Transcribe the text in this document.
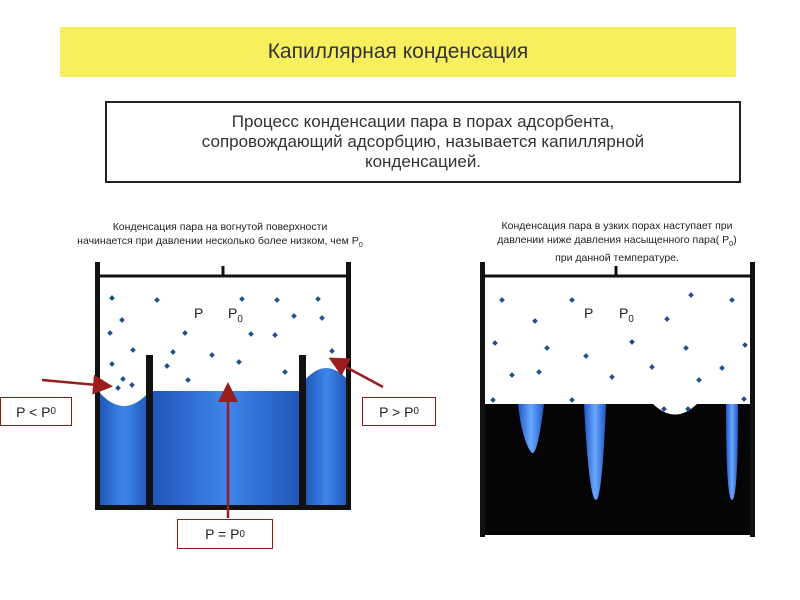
Капиллярная конденсация
Процесс конденсации пара в порах адсорбента,
сопровождающий адсорбцию, называется капиллярной
конденсацией.
Конденсация пара на вогнутой поверхности
начинается при давлении несколько более низком, чем $P_0$
Конденсация пара в узких порах наступает при
давлении ниже давления насыщенного пара( $P_0$)
при данной температуре.
P $P_0$	P $P_0$
P < P 0	P > P 0
P = P 0
